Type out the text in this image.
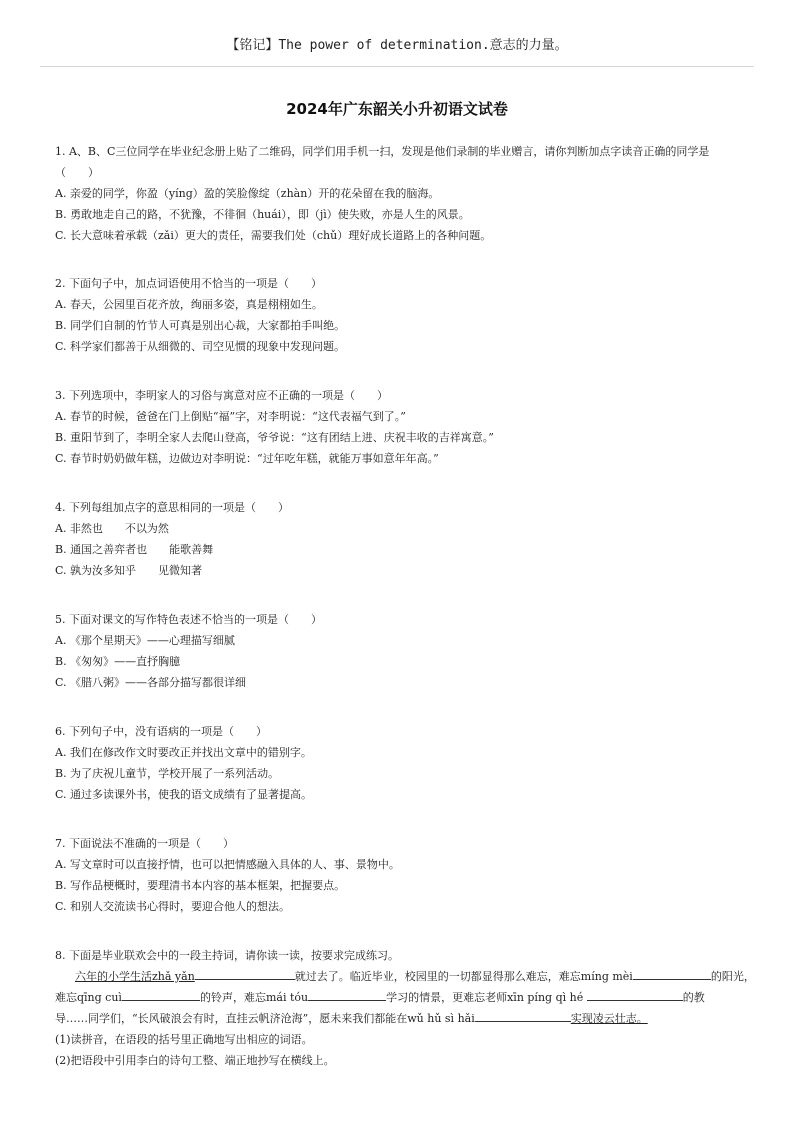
【铭记】The power of determination.意志的力量。
2024年广东韶关小升初语文试卷
1. A、B、C三位同学在毕业纪念册上贴了二维码，同学们用手机一扫，发现是他们录制的毕业赠言，请你判断加点字读音正确的同学是（　　）
A. 亲爱的同学，你盈（yíng）盈的笑脸像绽（zhàn）开的花朵留在我的脑海。
B. 勇敢地走自己的路，不犹豫，不徘徊（huái），即（jì）使失败，亦是人生的风景。
C. 长大意味着承载（zǎi）更大的责任，需要我们处（chǔ）理好成长道路上的各种问题。
2. 下面句子中，加点词语使用不恰当的一项是（　　）
A. 春天，公园里百花齐放，绚丽多姿，真是栩栩如生。
B. 同学们自制的竹节人可真是别出心裁，大家都拍手叫绝。
C. 科学家们都善于从细微的、司空见惯的现象中发现问题。
3. 下列选项中，李明家人的习俗与寓意对应不正确的一项是（　　）
A. 春节的时候，爸爸在门上倒贴“福”字，对李明说：“这代表福气到了。”
B. 重阳节到了，李明全家人去爬山登高，爷爷说：“这有团结上进、庆祝丰收的吉祥寓意。”
C. 春节时奶奶做年糕，边做边对李明说：“过年吃年糕，就能万事如意年年高。”
4. 下列每组加点字的意思相同的一项是（　　）
A. 非然也　　不以为然
B. 通国之善弈者也　　能歌善舞
C. 孰为汝多知乎　　见微知著
5. 下面对课文的写作特色表述不恰当的一项是（　　）
A. 《那个星期天》——心理描写细腻
B. 《匆匆》——直抒胸臆
C. 《腊八粥》——各部分描写都很详细
6. 下列句子中，没有语病的一项是（　　）
A. 我们在修改作文时要改正并找出文章中的错别字。
B. 为了庆祝儿童节，学校开展了一系列活动。
C. 通过多读课外书，使我的语文成绩有了显著提高。
7. 下面说法不准确的一项是（　　）
A. 写文章时可以直接抒情，也可以把情感融入具体的人、事、景物中。
B. 写作品梗概时，要理清书本内容的基本框架，把握要点。
C. 和别人交流读书心得时，要迎合他人的想法。
8. 下面是毕业联欢会中的一段主持词，请你读一读，按要求完成练习。
六年的小学生活zhǎ yǎn	就过去了。临近毕业，校园里的一切都显得那么难忘，难忘míng mèi	的阳光，
难忘qīng cuì	的铃声，难忘mái tóu	学习的情景，更难忘老师xīn píng qì hé	的教
导……同学们，“长风破浪会有时，直挂云帆济沧海”，愿未来我们都能在wǔ hǔ sì hǎi	实现凌云壮志。
(1)读拼音，在语段的括号里正确地写出相应的词语。
(2)把语段中引用李白的诗句工整、端正地抄写在横线上。
